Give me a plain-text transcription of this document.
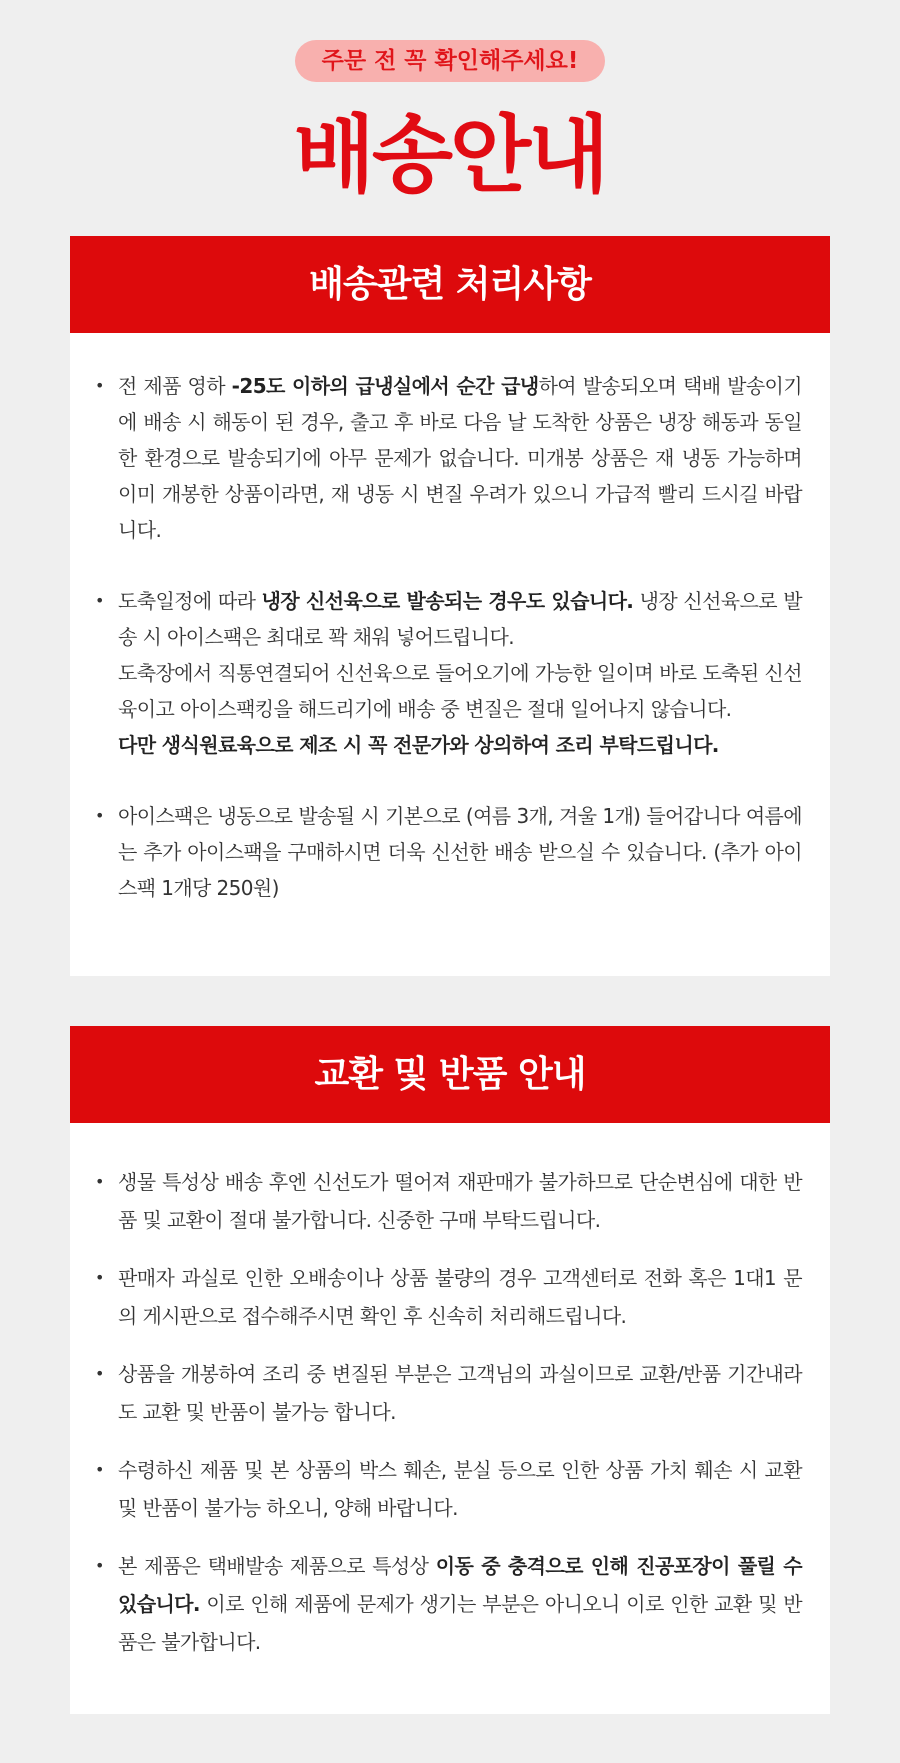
주문 전 꼭 확인해주세요!
배송안내
배송관련 처리사항
• 전 제품 영하 -25도 이하의 급냉실에서 순간 급냉하여 발송되오며 택배 발송이기에 배송 시 해동이 된 경우, 출고 후 바로 다음 날 도착한 상품은 냉장 해동과 동일한 환경으로 발송되기에 아무 문제가 없습니다. 미개봉 상품은 재 냉동 가능하며 이미 개봉한 상품이라면, 재 냉동 시 변질 우려가 있으니 가급적 빨리 드시길 바랍니다.

• 도축일정에 따라 냉장 신선육으로 발송되는 경우도 있습니다. 냉장 신선육으로 발송 시 아이스팩은 최대로 꽉 채워 넣어드립니다.

도축장에서 직통연결되어 신선육으로 들어오기에 가능한 일이며 바로 도축된 신선육이고 아이스팩킹을 해드리기에 배송 중 변질은 절대 일어나지 않습니다.

다만 생식원료육으로 제조 시 꼭 전문가와 상의하여 조리 부탁드립니다.

• 아이스팩은 냉동으로 발송될 시 기본으로 (여름 3개, 겨울 1개) 들어갑니다 여름에는 추가 아이스팩을 구매하시면 더욱 신선한 배송 받으실 수 있습니다. (추가 아이스팩 1개당 250원)

교환 및 반품 안내
• 생물 특성상 배송 후엔 신선도가 떨어져 재판매가 불가하므로 단순변심에 대한 반품 및 교환이 절대 불가합니다. 신중한 구매 부탁드립니다.

• 판매자 과실로 인한 오배송이나 상품 불량의 경우 고객센터로 전화 혹은 1대1 문의 게시판으로 접수해주시면 확인 후 신속히 처리해드립니다.

• 상품을 개봉하여 조리 중 변질된 부분은 고객님의 과실이므로 교환/반품 기간내라도 교환 및 반품이 불가능 합니다.

• 수령하신 제품 및 본 상품의 박스 훼손, 분실 등으로 인한 상품 가치 훼손 시 교환 및 반품이 불가능 하오니, 양해 바랍니다.

• 본 제품은 택배발송 제품으로 특성상 이동 중 충격으로 인해 진공포장이 풀릴 수 있습니다. 이로 인해 제품에 문제가 생기는 부분은 아니오니 이로 인한 교환 및 반품은 불가합니다.
